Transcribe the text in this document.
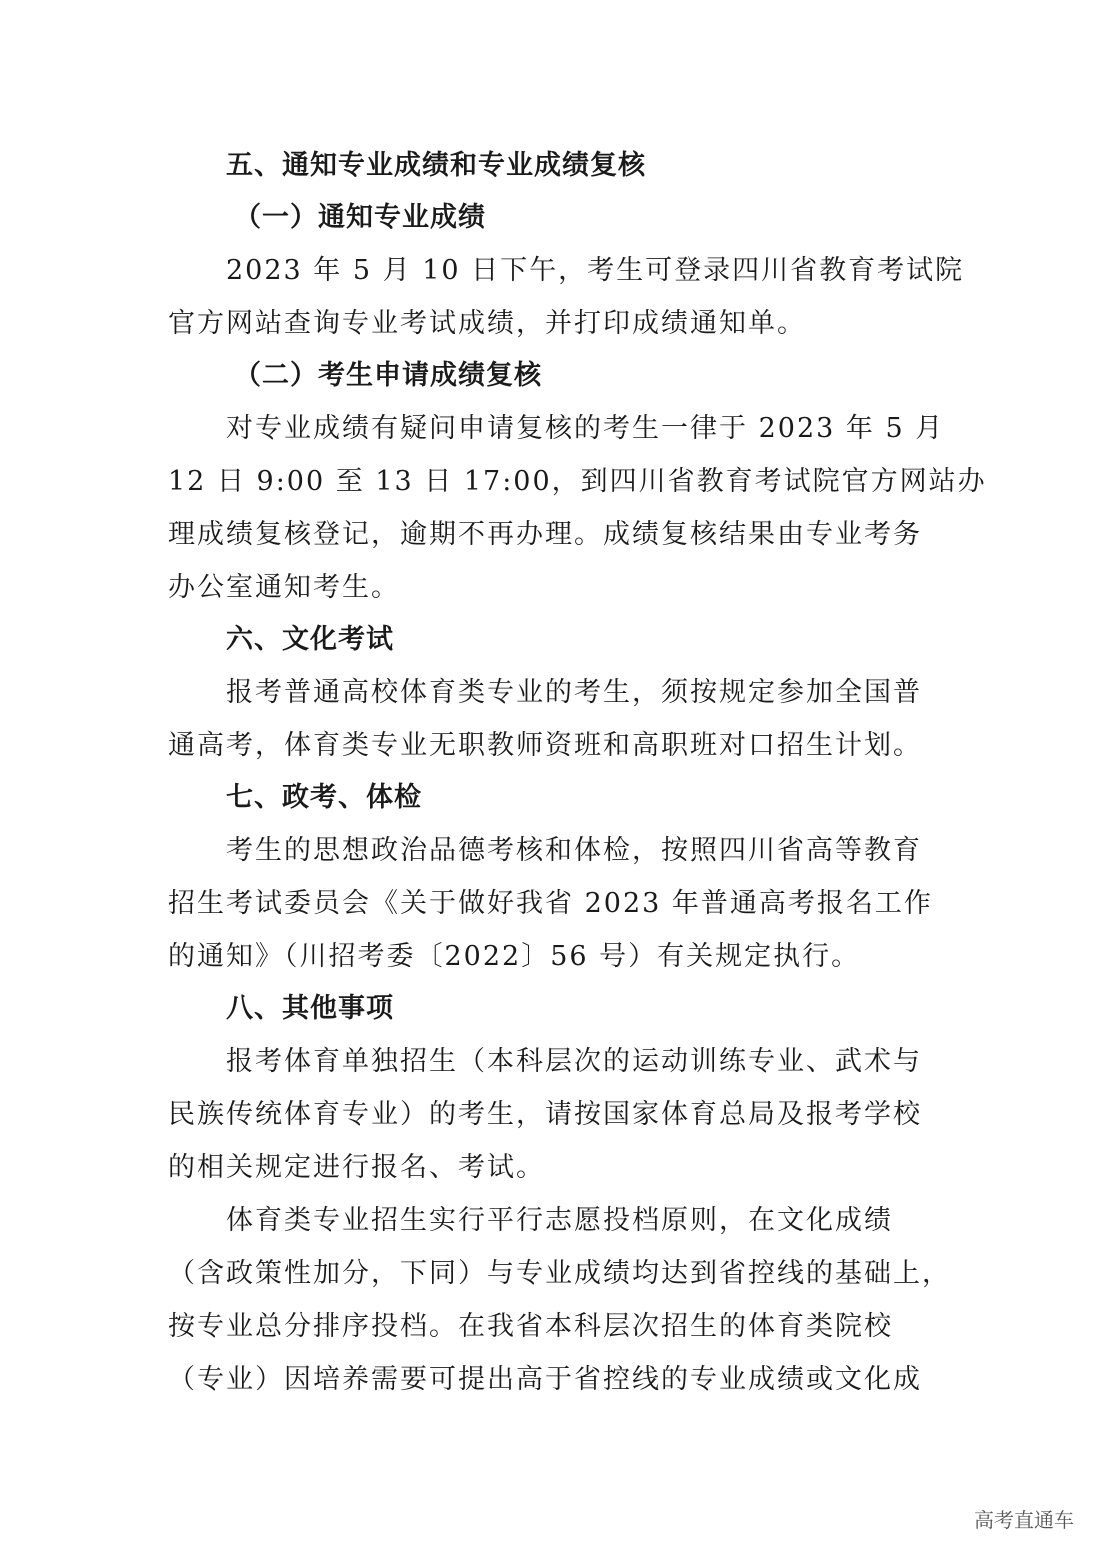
五、通知专业成绩和专业成绩复核
（一）通知专业成绩
2023 年 5 月 10 日下午，考生可登录四川省教育考试院
官方网站查询专业考试成绩，并打印成绩通知单。
（二）考生申请成绩复核
对专业成绩有疑问申请复核的考生一律于 2023 年 5 月
12 日 9:00 至 13 日 17:00，到四川省教育考试院官方网站办
理成绩复核登记，逾期不再办理。成绩复核结果由专业考务
办公室通知考生。
六、文化考试
报考普通高校体育类专业的考生，须按规定参加全国普
通高考，体育类专业无职教师资班和高职班对口招生计划。
七、政考、体检
考生的思想政治品德考核和体检，按照四川省高等教育
招生考试委员会《关于做好我省 2023 年普通高考报名工作
的通知》（川招考委〔2022〕56 号）有关规定执行。
八、其他事项
报考体育单独招生（本科层次的运动训练专业、武术与
民族传统体育专业）的考生，请按国家体育总局及报考学校
的相关规定进行报名、考试。
体育类专业招生实行平行志愿投档原则，在文化成绩
（含政策性加分，下同）与专业成绩均达到省控线的基础上，
按专业总分排序投档。在我省本科层次招生的体育类院校
（专业）因培养需要可提出高于省控线的专业成绩或文化成
高考直通车
